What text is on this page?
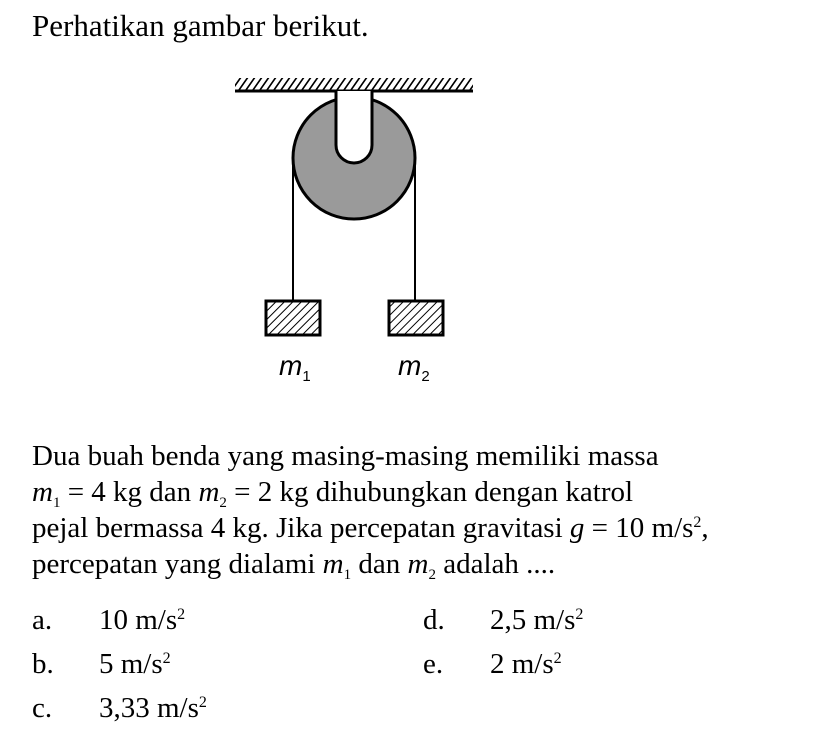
Perhatikan gambar berikut.
$m_1$	$m_2$
Dua buah benda yang masing-masing memiliki massa
$m_1 = 4$ kg dan $m_2 = 2$ kg dihubungkan dengan katrol
pejal bermassa 4 kg. Jika percepatan gravitasi g = 10 $m/s^2$,
percepatan yang dialami $m_1$ dan $m_2$ adalah ....
a. 10 $m/s^2$
b. 5 $m/s^2$
c. 3,33 $m/s^2$
d. 2,5 $m/s^2$
e. 2 $m/s^2$
